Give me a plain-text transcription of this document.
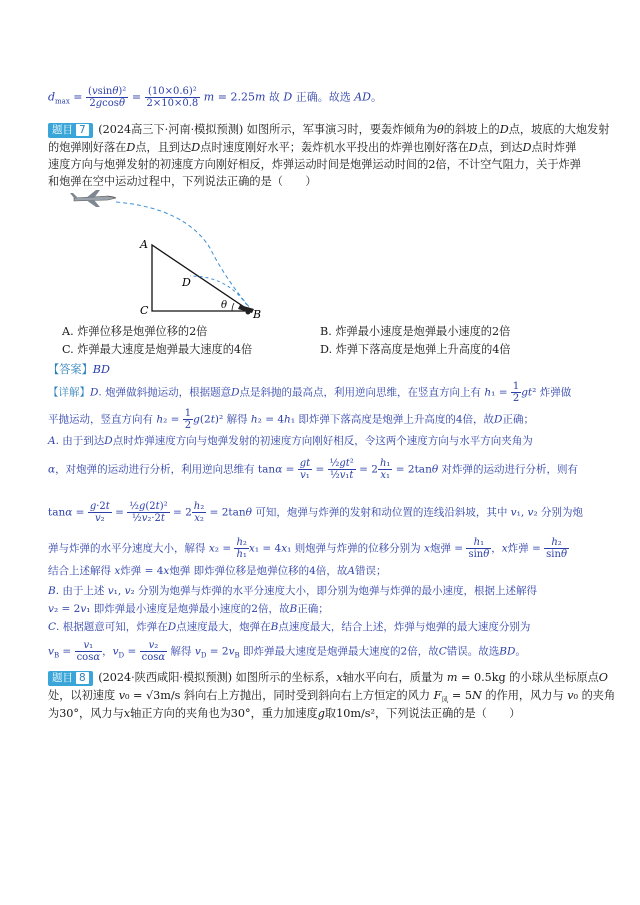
$d_{max} = \frac{\text{(vsinθ)²}}{2gcos\theta} = \frac{\text{(10×0.6)²}}{2\times 10\times 0.8}$ m = 2.25m 故 D 正确。故选 AD。
题目 7 (2024高三下·河南·模拟预测) 如图所示，军事演习时，要轰炸倾角为θ的斜坡上的D点，坡底的大炮发射
的炮弹刚好落在D点，且到达D点时速度刚好水平；轰炸机水平投出的炸弹也刚好落在D点，到达D点时炸弹
速度方向与炮弹发射的初速度方向刚好相反，炸弹运动时间是炮弹运动时间的2倍，不计空气阻力，关于炸弹
和炮弹在空中运动过程中，下列说法正确的是（　　）
A
C	B
D
θ
A. 炸弹位移是炮弹位移的2倍	B. 炸弹最小速度是炮弹最小速度的2倍
C. 炸弹最大速度是炮弹最大速度的4倍	D. 炸弹下落高度是炮弹上升高度的4倍
【答案】BD
【详解】D. 炮弹做斜抛运动，根据题意D点是斜抛的最高点，利用逆向思维，在竖直方向上有 $h_1 = \frac{1}{2} gt^2$ 炸弹做
平抛运动，竖直方向有 $h_2 = \frac{1}{2} g(2t)^2$ 解得 h₂ = 4h₁ 即炸弹下落高度是炮弹上升高度的4倍，故D正确；
A. 由于到达D点时炸弹速度方向与炮弹发射的初速度方向刚好相反，令这两个速度方向与水平方向夹角为
α，对炮弹的运动进行分析，利用逆向思维有 $\tan\alpha = \frac{gt}{\text{v₁}} = \frac{\text{½gt²}}{\text{½v₁t}} = 2 \frac{\text{h₁}}{\text{x₁}} = 2\tan\theta$ 对炸弹的运动进行分析，则有
$\tan\alpha = \frac{g\cdot 2t}{\text{v₂}} = \frac{\text{½g(2t)²}}{\text{½v₂·2t}} = 2 \frac{\text{h₂}}{\text{x₂}} = 2\tan\theta$ 可知，炮弹与炸弹的发射和动位置的连线沿斜坡，其中 v₁, v₂ 分别为炮
弹与炸弹的水平分速度大小，解得 $x_2 = \frac{\text{h₂}}{\text{h₁}} x_1 = 4x_1$ 则炮弹与炸弹的位移分别为 x炮弹 = $\frac{\text{h₁}}{\sin\theta}$ ，x炸弹 = $\frac{\text{h₂}}{\sin\theta}$
结合上述解得 x炸弹 = 4x炮弹 即炸弹位移是炮弹位移的4倍，故A错误；
B. 由于上述 v₁, v₂ 分别为炮弹与炸弹的水平分速度大小，即分别为炮弹与炸弹的最小速度，根据上述解得
v₂ = 2v₁ 即炸弹最小速度是炮弹最小速度的2倍，故B正确；
C. 根据题意可知，炸弹在D点速度最大，炮弹在B点速度最大，结合上述，炸弹与炮弹的最大速度分别为
$v_B = \frac{\text{v₁}}{\cos\alpha}$ ，$v_D = \frac{\text{v₂}}{\cos\alpha}$ 解得 $v_D = 2v_B$ 即炸弹最大速度是炮弹最大速度的2倍，故C错误。故选BD。
题目 8 (2024·陕西咸阳·模拟预测) 如图所示的坐标系，x轴水平向右，质量为 m = 0.5kg 的小球从坐标原点O
处，以初速度 v₀ = √3m/s 斜向右上方抛出，同时受到斜向右上方恒定的风力 $F_风 = 5N$ 的作用，风力与 v₀ 的夹角
为30°，风力与x轴正方向的夹角也为30°，重力加速度g取10m/s²，下列说法正确的是（　　）
